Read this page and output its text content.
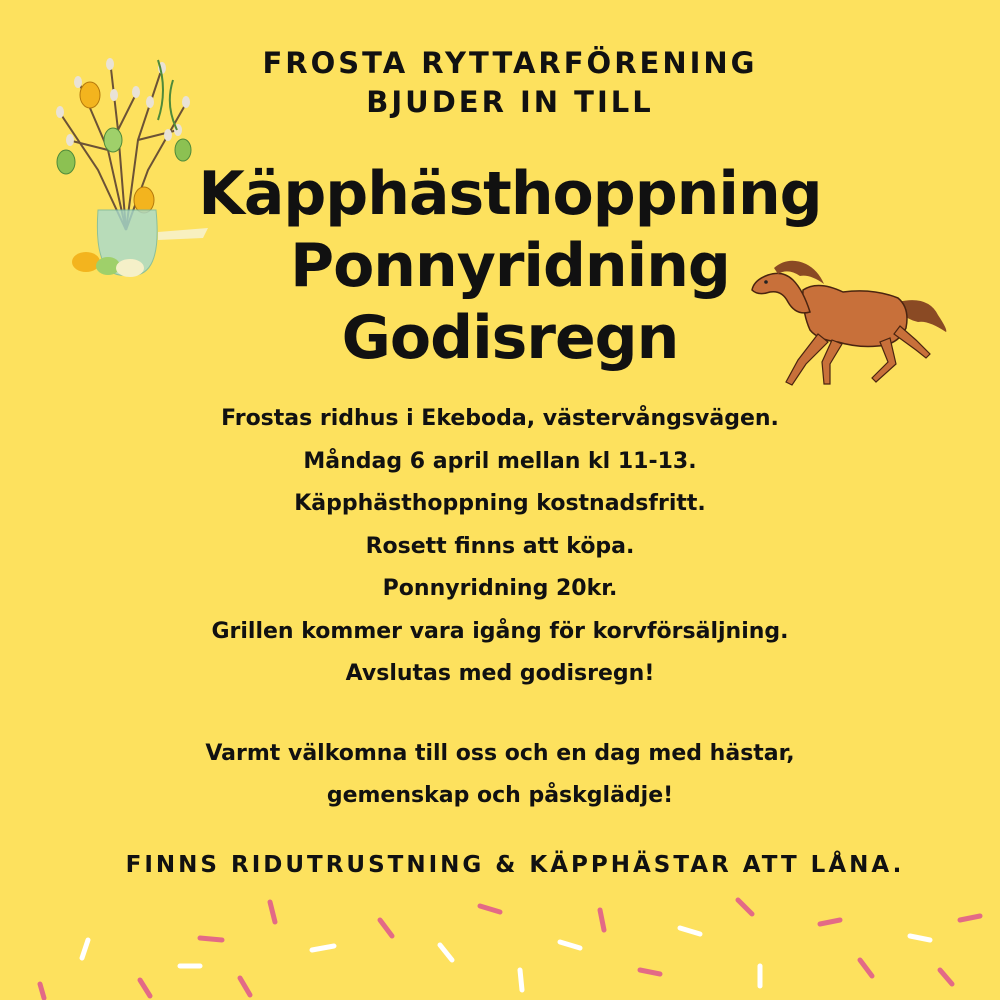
FROSTA RYTTARFÖRENING
BJUDER IN TILL
Käpphästhoppning
Ponnyridning
Godisregn
Frostas ridhus i Ekeboda, västervångsvägen.
Måndag 6 april mellan kl 11-13.
Käpphästhoppning kostnadsfritt.
Rosett finns att köpa.
Ponnyridning 20kr.
Grillen kommer vara igång för korvförsäljning.
Avslutas med godisregn!
Varmt välkomna till oss och en dag med hästar,
gemenskap och påskglädje!
FINNS RIDUTRUSTNING & KÄPPHÄSTAR ATT LÅNA.
